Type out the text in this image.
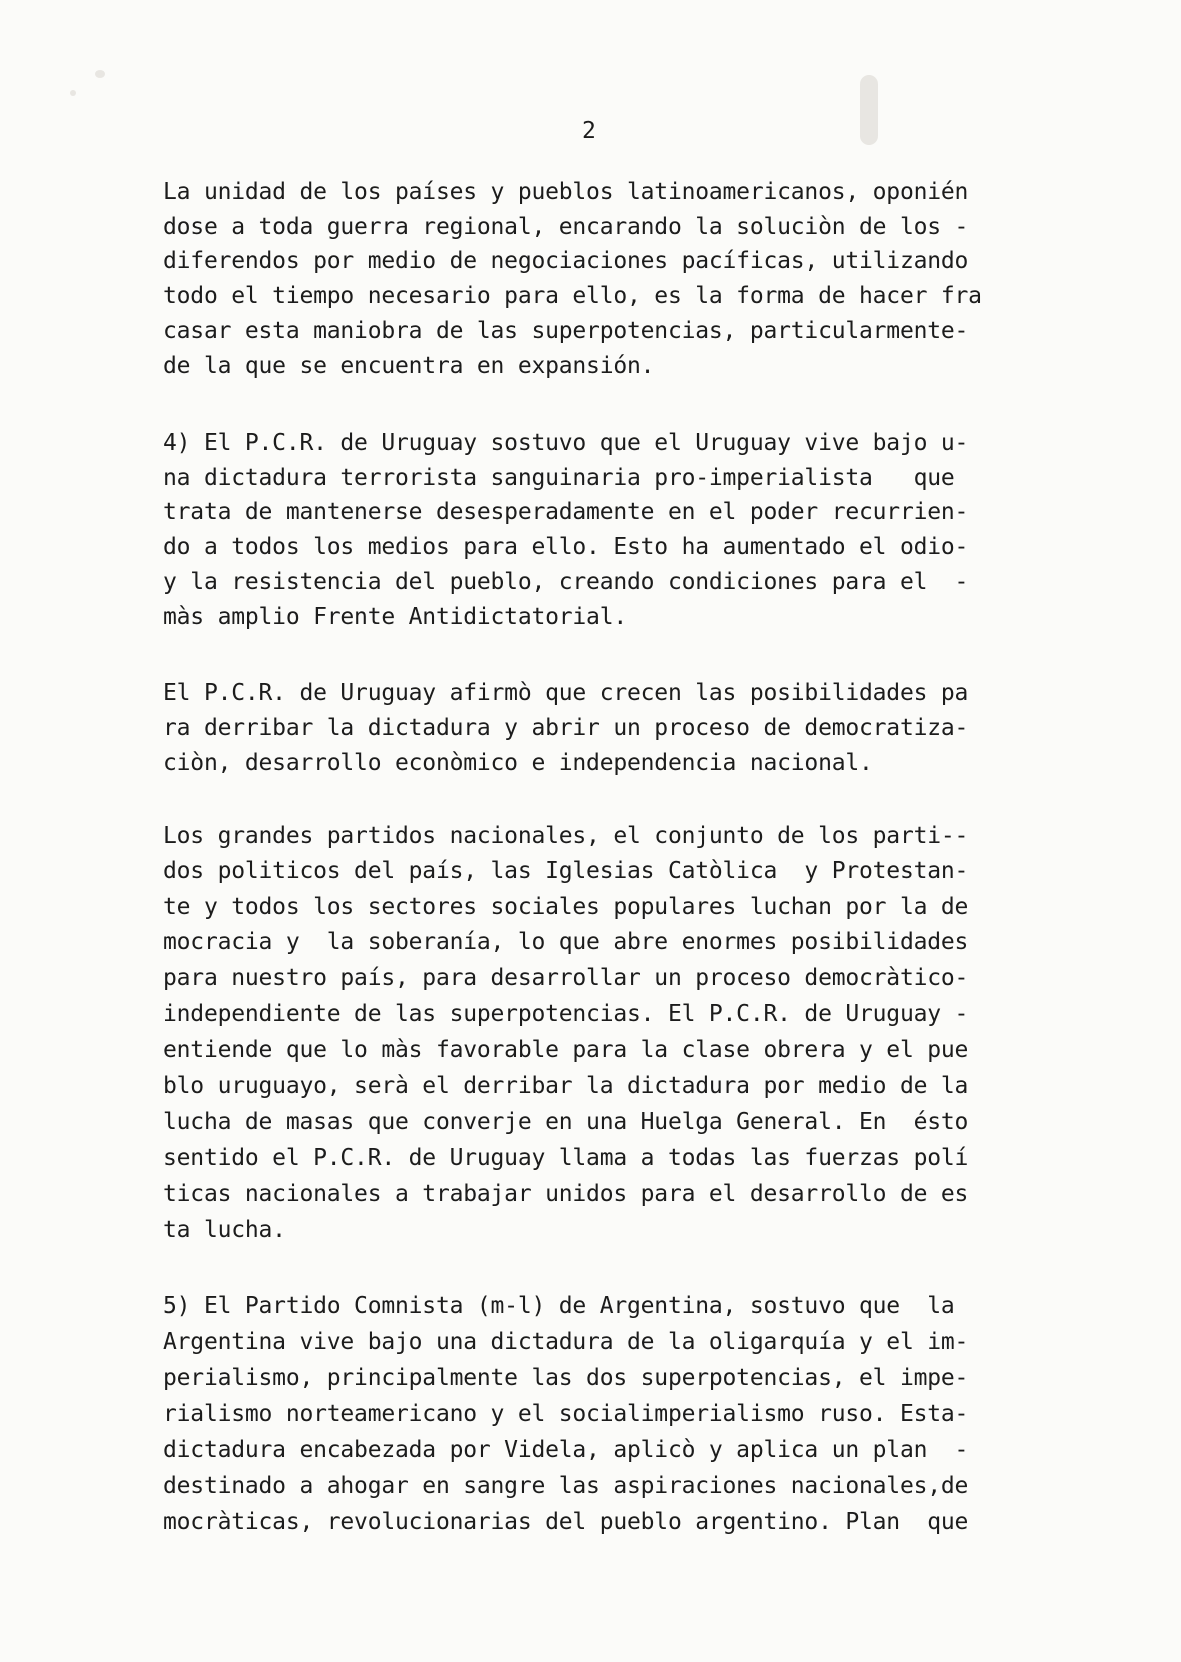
2
La unidad de los países y pueblos latinoamericanos, oponién
dose a toda guerra regional, encarando la soluciòn de los -
diferendos por medio de negociaciones pacíficas, utilizando
todo el tiempo necesario para ello, es la forma de hacer fra
casar esta maniobra de las superpotencias, particularmente-
de la que se encuentra en expansión.
4) El P.C.R. de Uruguay sostuvo que el Uruguay vive bajo u-
na dictadura terrorista sanguinaria pro-imperialista   que
trata de mantenerse desesperadamente en el poder recurrien-
do a todos los medios para ello. Esto ha aumentado el odio-
y la resistencia del pueblo, creando condiciones para el  -
màs amplio Frente Antidictatorial.
El P.C.R. de Uruguay afirmò que crecen las posibilidades pa
ra derribar la dictadura y abrir un proceso de democratiza-
ciòn, desarrollo econòmico e independencia nacional.
Los grandes partidos nacionales, el conjunto de los parti--
dos politicos del país, las Iglesias Catòlica  y Protestan-
te y todos los sectores sociales populares luchan por la de
mocracia y  la soberanía, lo que abre enormes posibilidades
para nuestro país, para desarrollar un proceso democràtico-
independiente de las superpotencias. El P.C.R. de Uruguay -
entiende que lo màs favorable para la clase obrera y el pue
blo uruguayo, serà el derribar la dictadura por medio de la
lucha de masas que converje en una Huelga General. En  ésto
sentido el P.C.R. de Uruguay llama a todas las fuerzas polí
ticas nacionales a trabajar unidos para el desarrollo de es
ta lucha.
5) El Partido Comnista (m-l) de Argentina, sostuvo que  la
Argentina vive bajo una dictadura de la oligarquía y el im-
perialismo, principalmente las dos superpotencias, el impe-
rialismo norteamericano y el socialimperialismo ruso. Esta-
dictadura encabezada por Videla, aplicò y aplica un plan  -
destinado a ahogar en sangre las aspiraciones nacionales,de
mocràticas, revolucionarias del pueblo argentino. Plan  que
